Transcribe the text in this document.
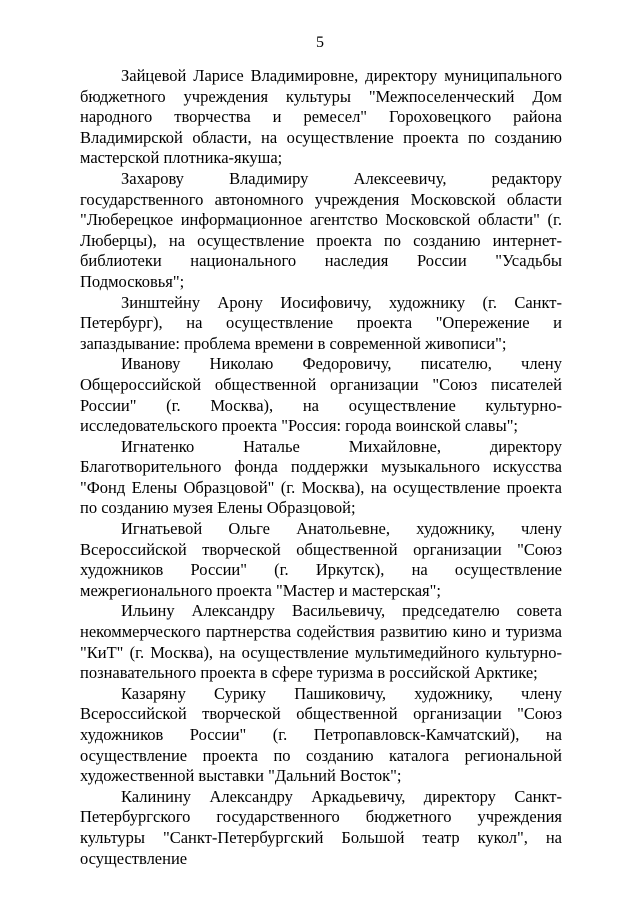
5

Зайцевой Ларисе Владимировне, директору муниципального бюджетного учреждения культуры "Межпоселенческий Дом народного творчества и ремесел" Гороховецкого района Владимирской области, на осуществление проекта по созданию мастерской плотника-якуша;

Захарову Владимиру Алексеевичу, редактору государственного автономного учреждения Московской области "Люберецкое информационное агентство Московской области" (г. Люберцы), на осуществление проекта по созданию интернет-библиотеки национального наследия России "Усадьбы Подмосковья";

Зинштейну Арону Иосифовичу, художнику (г. Санкт-Петербург), на осуществление проекта "Опережение и запаздывание: проблема времени в современной живописи";

Иванову Николаю Федоровичу, писателю, члену Общероссийской общественной организации "Союз писателей России" (г. Москва), на осуществление культурно-исследовательского проекта "Россия: города воинской славы";

Игнатенко Наталье Михайловне, директору Благотворительного фонда поддержки музыкального искусства "Фонд Елены Образцовой" (г. Москва), на осуществление проекта по созданию музея Елены Образцовой;

Игнатьевой Ольге Анатольевне, художнику, члену Всероссийской творческой общественной организации "Союз художников России" (г. Иркутск), на осуществление межрегионального проекта "Мастер и мастерская";

Ильину Александру Васильевичу, председателю совета некоммерческого партнерства содействия развитию кино и туризма "КиТ" (г. Москва), на осуществление мультимедийного культурно-познавательного проекта в сфере туризма в российской Арктике;

Казаряну Сурику Пашиковичу, художнику, члену Всероссийской творческой общественной организации "Союз художников России" (г. Петропавловск-Камчатский), на осуществление проекта по созданию каталога региональной художественной выставки "Дальний Восток";

Калинину Александру Аркадьевичу, директору Санкт-Петербургского государственного бюджетного учреждения культуры "Санкт-Петербургский Большой театр кукол", на осуществление
